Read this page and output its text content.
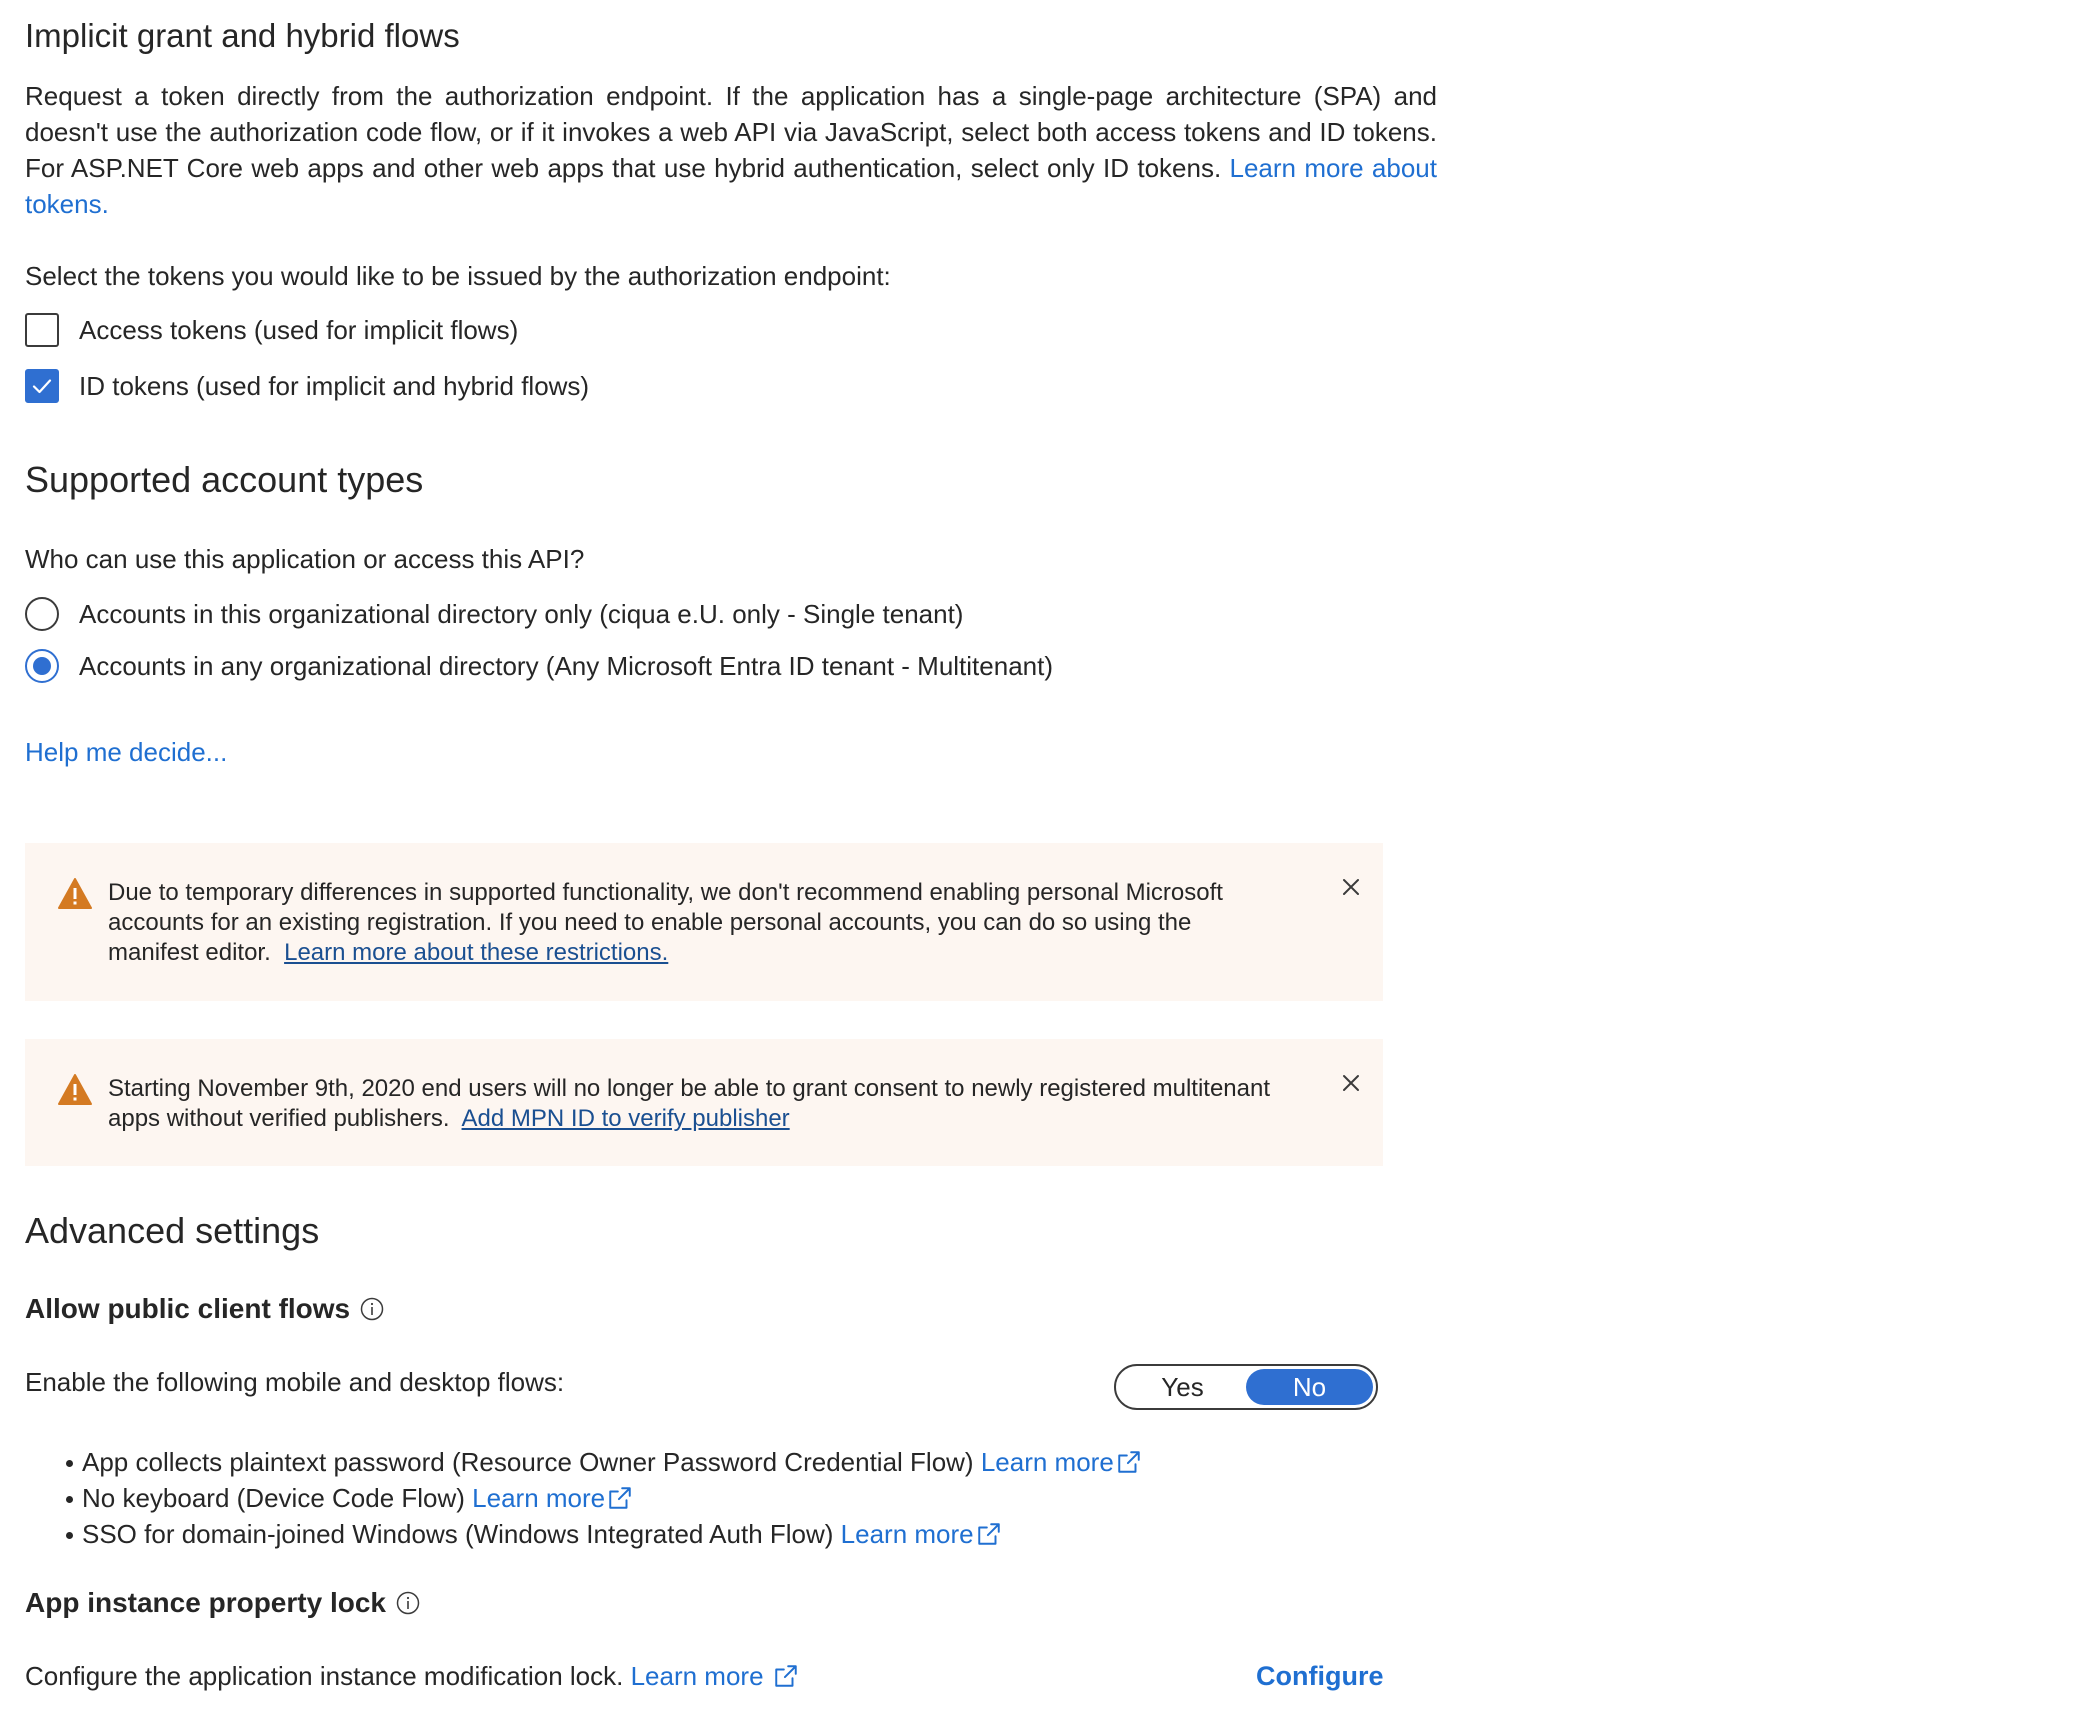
Implicit grant and hybrid flows
Request a token directly from the authorization endpoint. If the application has a single-page architecture (SPA) and doesn't use the authorization code flow, or if it invokes a web API via JavaScript, select both access tokens and ID tokens. For ASP.NET Core web apps and other web apps that use hybrid authentication, select only ID tokens. Learn more about tokens.
Select the tokens you would like to be issued by the authorization endpoint:
Access tokens (used for implicit flows)
ID tokens (used for implicit and hybrid flows)
Supported account types
Who can use this application or access this API?
Accounts in this organizational directory only (ciqua e.U. only - Single tenant)
Accounts in any organizational directory (Any Microsoft Entra ID tenant - Multitenant)
Help me decide...
Due to temporary differences in supported functionality, we don't recommend enabling personal Microsoft accounts for an existing registration. If you need to enable personal accounts, you can do so using the manifest editor. Learn more about these restrictions.
Starting November 9th, 2020 end users will no longer be able to grant consent to newly registered multitenant apps without verified publishers. Add MPN ID to verify publisher
Advanced settings
Allow public client flows
Enable the following mobile and desktop flows:	Yes	No
App collects plaintext password (Resource Owner Password Credential Flow) Learn more
No keyboard (Device Code Flow) Learn more
SSO for domain-joined Windows (Windows Integrated Auth Flow) Learn more
App instance property lock
Configure the application instance modification lock. Learn more	Configure
